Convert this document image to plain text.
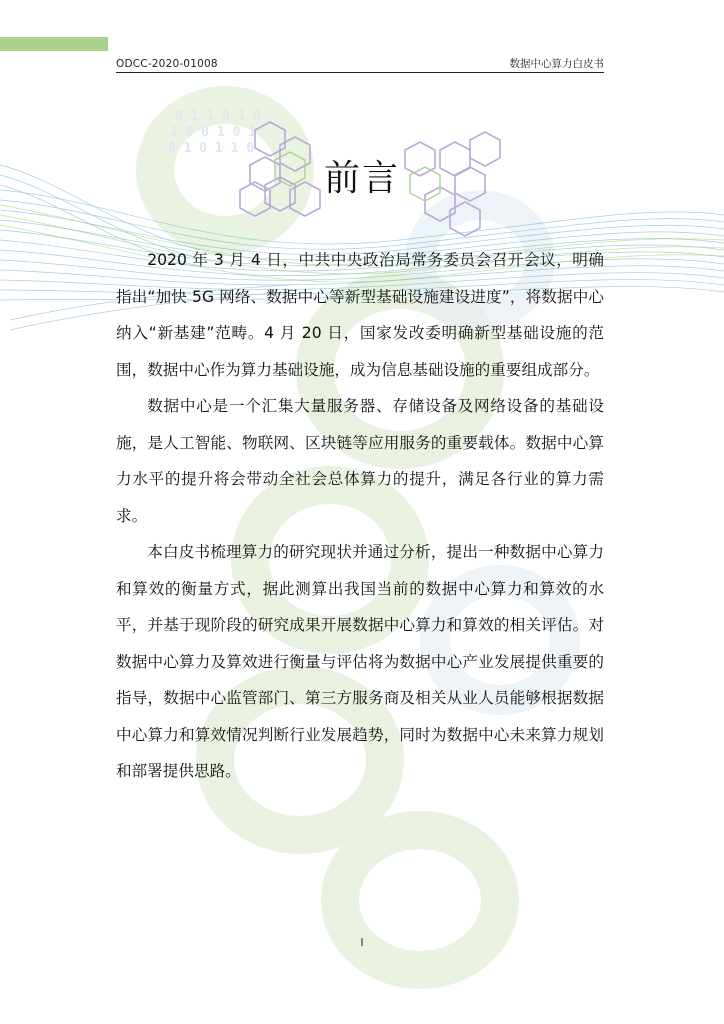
ODCC-2020-01008	数据中心算力白皮书
0 1 1 0 1 0
1 0 0 1 0 1
0 1 0 1 1 0
前言

2020 年 3 月 4 日，中共中央政治局常务委员会召开会议，明确指出“加快 5G 网络、数据中心等新型基础设施建设进度”，将数据中心纳入“新基建”范畴。4 月 20 日，国家发改委明确新型基础设施的范围，数据中心作为算力基础设施，成为信息基础设施的重要组成部分。

数据中心是一个汇集大量服务器、存储设备及网络设备的基础设施，是人工智能、物联网、区块链等应用服务的重要载体。数据中心算力水平的提升将会带动全社会总体算力的提升，满足各行业的算力需求。

本白皮书梳理算力的研究现状并通过分析，提出一种数据中心算力和算效的衡量方式，据此测算出我国当前的数据中心算力和算效的水平，并基于现阶段的研究成果开展数据中心算力和算效的相关评估。对数据中心算力及算效进行衡量与评估将为数据中心产业发展提供重要的指导，数据中心监管部门、第三方服务商及相关从业人员能够根据数据中心算力和算效情况判断行业发展趋势，同时为数据中心未来算力规划和部署提供思路。

I
